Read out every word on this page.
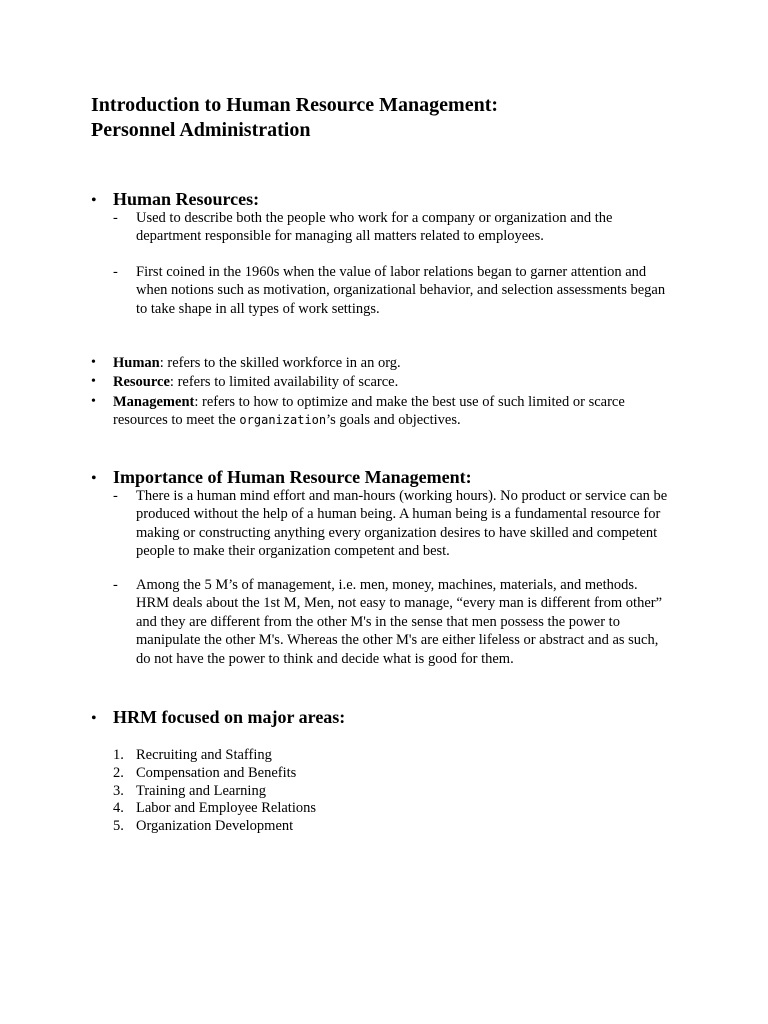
Introduction to Human Resource Management:
Personnel Administration
• Human Resources:
-	Used to describe both the people who work for a company or organization and the department responsible for managing all matters related to employees.
-	First coined in the 1960s when the value of labor relations began to garner attention and when notions such as motivation, organizational behavior, and selection assessments began to take shape in all types of work settings.
•	Human: refers to the skilled workforce in an org.
•	Resource: refers to limited availability of scarce.
•	Management: refers to how to optimize and make the best use of such limited or scarce resources to meet the organization’s goals and objectives.
• Importance of Human Resource Management:
-	There is a human mind effort and man-hours (working hours). No product or service can be produced without the help of a human being. A human being is a fundamental resource for making or constructing anything every organization desires to have skilled and competent people to make their organization competent and best.
-	Among the 5 M’s of management, i.e. men, money, machines, materials, and methods. HRM deals about the 1st M, Men, not easy to manage, “every man is different from other” and they are different from the other M's in the sense that men possess the power to manipulate the other M's. Whereas the other M's are either lifeless or abstract and as such, do not have the power to think and decide what is good for them.
• HRM focused on major areas:
1. Recruiting and Staffing
2. Compensation and Benefits
3. Training and Learning
4. Labor and Employee Relations
5. Organization Development
